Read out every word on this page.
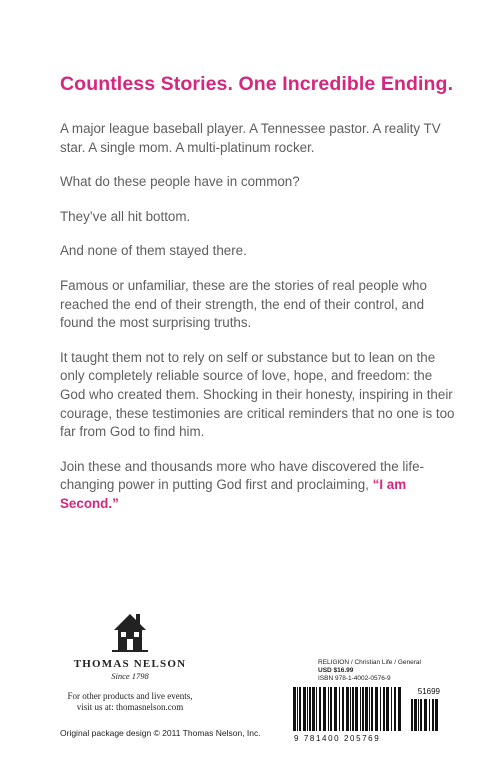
Countless Stories. One Incredible Ending.

A major league baseball player. A Tennessee pastor. A reality TV star. A single mom. A multi-platinum rocker.

What do these people have in common?

They’ve all hit bottom.

And none of them stayed there.

Famous or unfamiliar, these are the stories of real people who reached the end of their strength, the end of their control, and found the most surprising truths.

It taught them not to rely on self or substance but to lean on the only completely reliable source of love, hope, and freedom: the God who created them. Shocking in their honesty, inspiring in their courage, these testimonies are critical reminders that no one is too far from God to find him.

Join these and thousands more who have discovered the life-changing power in putting God first and proclaiming, “I am Second.”

THOMAS NELSON
Since 1798
For other products and live events,
visit us at: thomasnelson.com
Original package design © 2011 Thomas Nelson, Inc.
RELIGION / Christian Life / General
USD $16.99
ISBN 978-1-4002-0576-9
51699
9 781400 205769
